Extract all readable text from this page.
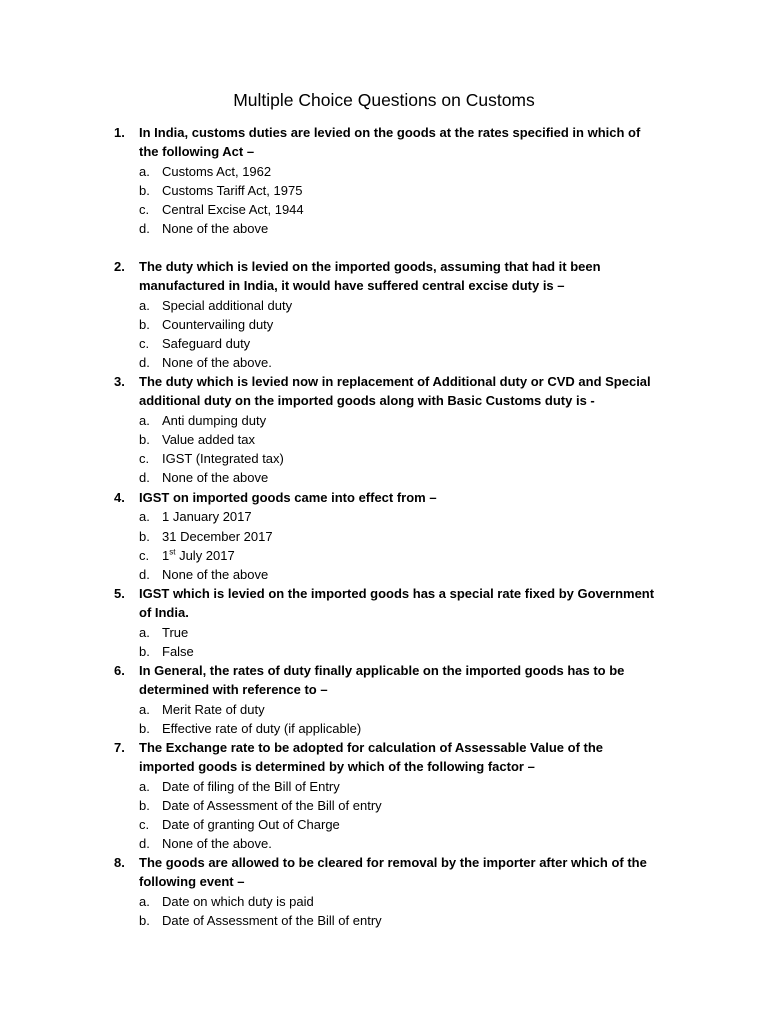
Multiple Choice Questions on Customs
1.	In India, customs duties are levied on the goods at the rates specified in which of
the following Act –
a. Customs Act, 1962
b. Customs Tariff Act, 1975
c. Central Excise Act, 1944
d. None of the above
2.	The duty which is levied on the imported goods, assuming that had it been
manufactured in India, it would have suffered central excise duty is –
a. Special additional duty
b. Countervailing duty
c. Safeguard duty
d. None of the above.
3.	The duty which is levied now in replacement of Additional duty or CVD and Special
additional duty on the imported goods along with Basic Customs duty is -
a. Anti dumping duty
b. Value added tax
c. IGST (Integrated tax)
d. None of the above
4.	IGST on imported goods came into effect from –
a. 1 January 2017
b. 31 December 2017
c. 1st July 2017
d. None of the above
5.	IGST which is levied on the imported goods has a special rate fixed by Government
of India.
a. True
b. False
6.	In General, the rates of duty finally applicable on the imported goods has to be
determined with reference to –
a. Merit Rate of duty
b. Effective rate of duty (if applicable)
7.	The Exchange rate to be adopted for calculation of Assessable Value of the
imported goods is determined by which of the following factor –
a. Date of filing of the Bill of Entry
b. Date of Assessment of the Bill of entry
c. Date of granting Out of Charge
d. None of the above.
8.	The goods are allowed to be cleared for removal by the importer after which of the
following event –
a. Date on which duty is paid
b. Date of Assessment of the Bill of entry
